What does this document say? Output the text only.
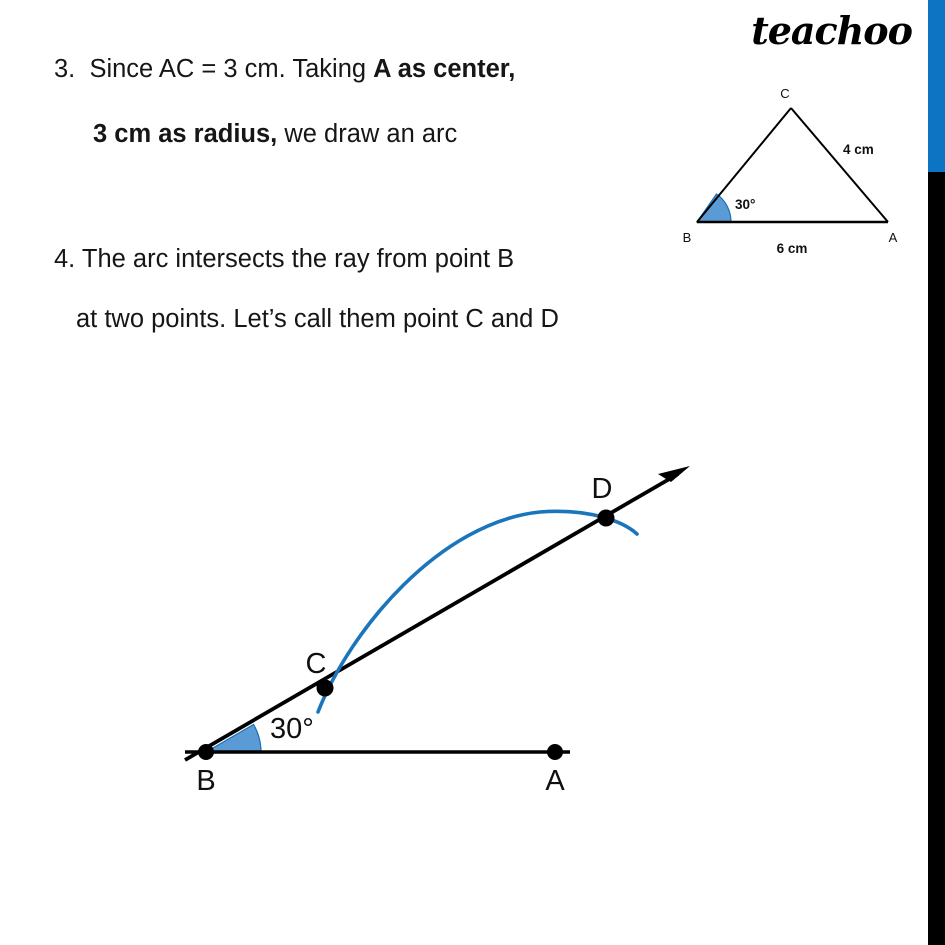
teachoo
3. Since AC = 3 cm. Taking A as center,
3 cm as radius, we draw an arc
4. The arc intersects the ray from point B
at two points. Let’s call them point C and D
C
B	A
30°
4 cm
6 cm
B	A
C
D
30°
